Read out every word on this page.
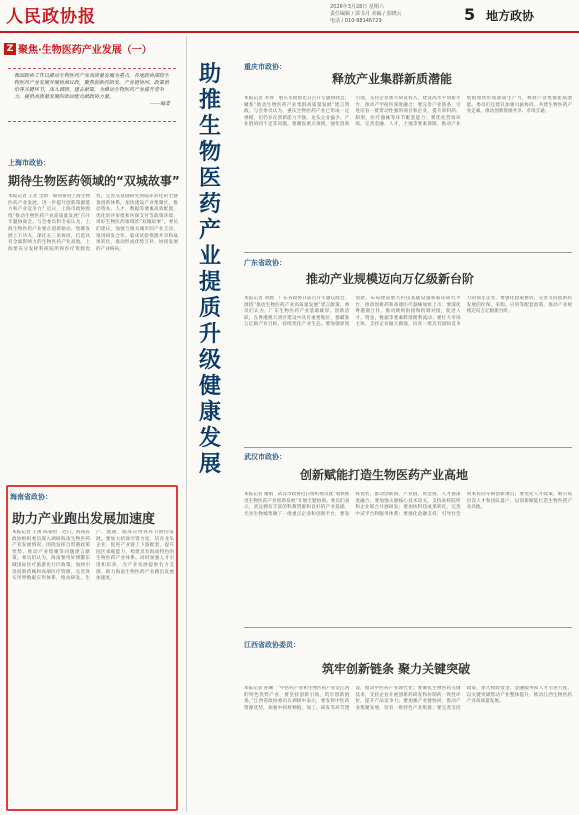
人民政协报	2026年3月28日 星期六
责任编辑 / 郭书月 美编 / 张晓云
电话 / 010-88146729	5 地方政协
Z 聚焦·生物医药产业发展（一）

我国政协工作以推动生物医药产业高质量发展为重点，各地政协围绕生物医药产业发展开展协商议政，聚焦创新药研发、产业链协同、政策供给等关键环节，深入调研、建言献策，为推动生物医药产业提升竞争力、提供高质量发展的新动能贡献政协力量。

——编者

上海市政协：
期待生物医药领域的“双城故事”
本报记者 王亚 全新　如何推进上海生物医药产业发展，进一步提升创新策源能力和产业竞争力？近日，上海市政协围绕“推动生物医药产业高质量发展”召开专题协商会。与会委员和专家认为，上海生物医药产业要在创新驱动、集聚发展上下功夫，深化长三角协同，打造具有全球影响力的生物医药产业高地。上海要充分发挥科研院所和医疗资源优势，完善从基础研究到临床转化的全链条创新体系，加快建设产业集聚区，推动资本、人才、数据等要素高效配置，优化审评审批和医保支付等政策环境，讲好生物医药领域的“双城故事”。委员们建议，加强与相关城市的产业互动，推进研发合作、临床试验资源共享和成果转化，推动形成优势互补、协同发展的产业格局。
海南省政协：
助力产业跑出发展加速度
本报记者 王俊 陈泰恒　近日，海南省政协组织委员深入调研海南生物医药产业发展情况，围绕发挥自贸港政策优势、推动产业集聚等问题建言献策。委员们认为，海南要用好博鳌乐城国际医疗旅游先行区政策，加快引进创新药械和高端医疗资源，完善真实世界数据应用体系，推动研发、生产、流通、临床应用各环节协同发展。要加大招商引资力度，培育龙头企业，促进产业链上下游配套，提升园区承载能力，构建具有海南特色的生物医药产业体系。同时加强人才引进和培养，为产业发展提供有力支撑，助力海南生物医药产业跑出发展加速度。
助推生物医药产业提质升级健康发展
重庆市政协：
释放产业集群新质潜能
本报记者 李春　重庆市政协近日召开专题协商会，聚焦“推动生物医药产业集群高质量发展”建言资政。与会委员认为，重庆生物医药产业已形成一定规模，但仍存在创新能力不强、龙头企业偏少、产业链协同不足等问题。要聚焦重点领域，强化创新引领，支持企业加大研发投入，建设高水平创新平台，推动产学研医深度融合；要完善产业链条，引进培育一批带动性强的项目和企业，提升原料药、制剂、医疗器械等环节配套能力；要优化营商环境，完善金融、人才、土地等要素保障，推动产业集群加快形成新质生产力，释放产业集群新质潜能。委员们还建议加强川渝协同，共建生物医药产业走廊，推动创新资源共享、市场互通。
广东省政协：
推动产业规模迈向万亿级新台阶
本报记者 刘源　广东省政协日前召开专题议政会，围绕“推动生物医药产业高质量发展”建言献策。委员们认为，广东生物医药产业基础雄厚、创新活跃，在粤港澳大湾区建设中具有重要地位，要瞄准万亿级产业目标，持续优化产业生态。要加强原始创新，布局建设重大科技基础设施和临床研究平台，推动创新药和高端医疗器械加快上市；要深化粤港澳合作，推动规则衔接和机制对接，促进人才、资金、数据等要素跨境便利流动；要壮大市场主体，支持企业做大做强，培育一批具有国际竞争力的领军企业。要强化政策协同，完善支持创新药发展的医保、采购、应用等配套政策，推动产业规模迈向万亿级新台阶。
武汉市政协：
创新赋能打造生物医药产业高地
本报记者 谢娟　武汉市政协近日组织委员就“加快推进生物医药产业创新发展”开展专题协商。委员们表示，武汉拥有丰富的科教资源和良好的产业基础，光谷生物城集聚了一批重点企业和创新平台，要发挥优势，推动创新链、产业链、资金链、人才链深度融合。要加强关键核心技术攻关，支持高校院所和企业联合开展研发；要加快科技成果转化，完善中试平台和服务体系；要强化金融支持，引导社会资本投向早期创新项目；要优化人才政策，吸引高层次人才和团队落户，以创新赋能打造生物医药产业高地。
江西省政协委员：
筑牢创新链条 聚力关键突破
本报记者 孙琳　“中医药产业和生物医药产业是江西的特色优势产业，要坚持创新引领，筑牢创新链条。”江西省政协委员在调研中表示，要发挥中医药资源优势，加强中药材种植、加工、研发等环节建设，推动中医药产业现代化；要聚焦生物医药关键技术，支持企业开展创新药研发和仿制药一致性评价，提升产品竞争力；要加强产业链协同，推动产业集聚发展，培育一批特色产业集群；要完善支持政策，加大财政资金、金融服务和人才引进力度，以关键突破带动产业整体提升，推动江西生物医药产业高质量发展。
